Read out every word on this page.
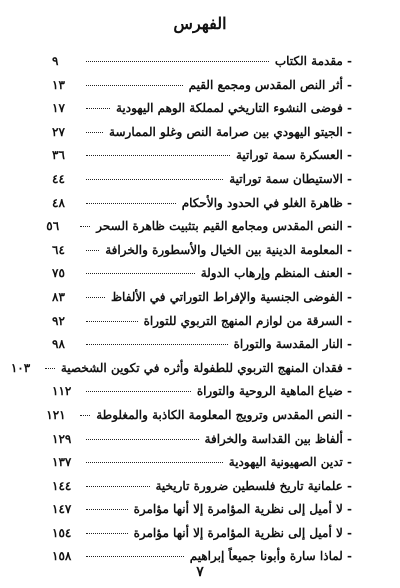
الفهرس
- مقدمة الكتاب
٩
- أثر النص المقدس ومجمع القيم
١٣
- فوضى النشوء التاريخي لمملكة الوهم اليهودية
١٧
- الجيتو اليهودي بين صرامة النص وغلو الممارسة
٢٧
- العسكرة سمة توراتية
٣٦
- الاستيطان سمة توراتية
٤٤
- ظاهرة الغلو في الحدود والأحكام
٤٨
- النص المقدس ومجامع القيم بتثبيت ظاهرة السحر
٥٦
- المعلومة الدينية بين الخيال والأسطورة والخرافة
٦٤
- العنف المنظم وإرهاب الدولة
٧٥
- الفوضى الجنسية والإفراط التوراتي في الألفاظ
٨٣
- السرقة من لوازم المنهج التربوي للتوراة
٩٢
- النار المقدسة والتوراة
٩٨
- فقدان المنهج التربوي للطفولة وأثره في تكوين الشخصية
١٠٣
- ضياع الماهية الروحية والتوراة
١١٢
- النص المقدس وترويج المعلومة الكاذبة والمغلوطة
١٢١
- ألفاظ بين القداسة والخرافة
١٢٩
- تدين الصهيونية اليهودية
١٣٧
- علمانية تاريخ فلسطين ضرورة تاريخية
١٤٤
- لا أميل إلى نظرية المؤامرة إلا أنها مؤامرة
١٤٧
- لا أميل إلى نظرية المؤامرة إلا أنها مؤامرة
١٥٤
- لماذا سارة وأبونا جميعاً إبراهيم
١٥٨
٧
